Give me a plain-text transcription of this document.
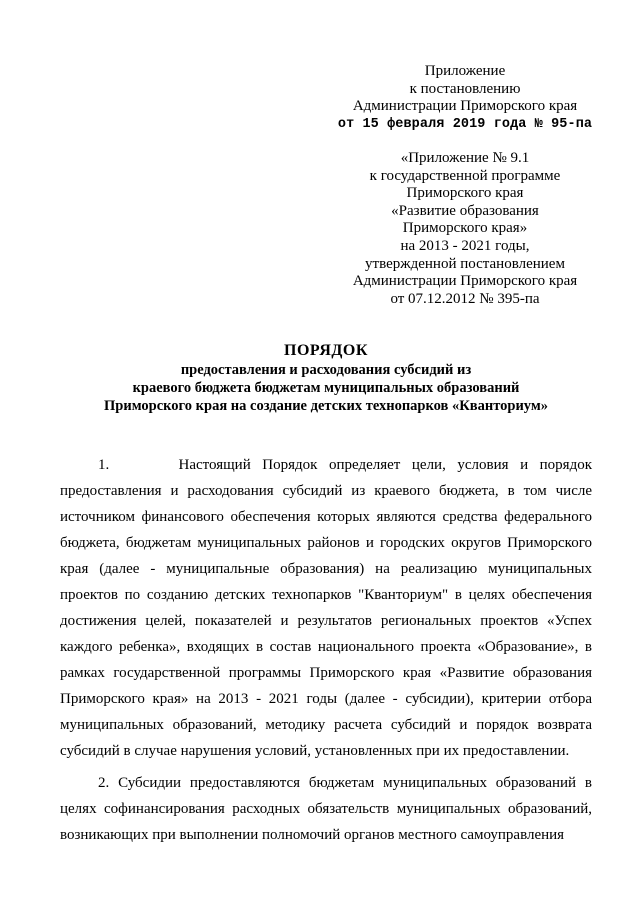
Приложение
к постановлению
Администрации Приморского края
от 15 февраля 2019 года № 95-па
«Приложение № 9.1
к государственной программе
Приморского края
«Развитие образования
Приморского края»
на 2013 - 2021 годы,
утвержденной постановлением
Администрации Приморского края
от 07.12.2012 № 395-па
ПОРЯДОК
предоставления и расходования субсидий из
краевого бюджета бюджетам муниципальных образований
Приморского края на создание детских технопарков «Кванториум»

1.      Настоящий Порядок определяет цели, условия и порядок предоставления и расходования субсидий из краевого бюджета, в том числе источником финансового обеспечения которых являются средства федерального бюджета, бюджетам муниципальных районов и городских округов Приморского края (далее - муниципальные образования) на реализацию муниципальных проектов по созданию детских технопарков "Кванториум" в целях обеспечения достижения целей, показателей и результатов региональных проектов «Успех каждого ребенка», входящих в состав национального проекта «Образование», в рамках государственной программы Приморского края «Развитие образования Приморского края» на 2013 - 2021 годы (далее - субсидии), критерии отбора муниципальных образований, методику расчета субсидий и порядок возврата субсидий в случае нарушения условий, установленных при их предоставлении.

2. Субсидии предоставляются бюджетам муниципальных образований в целях софинансирования расходных обязательств муниципальных образований, возникающих при выполнении полномочий органов местного самоуправления
